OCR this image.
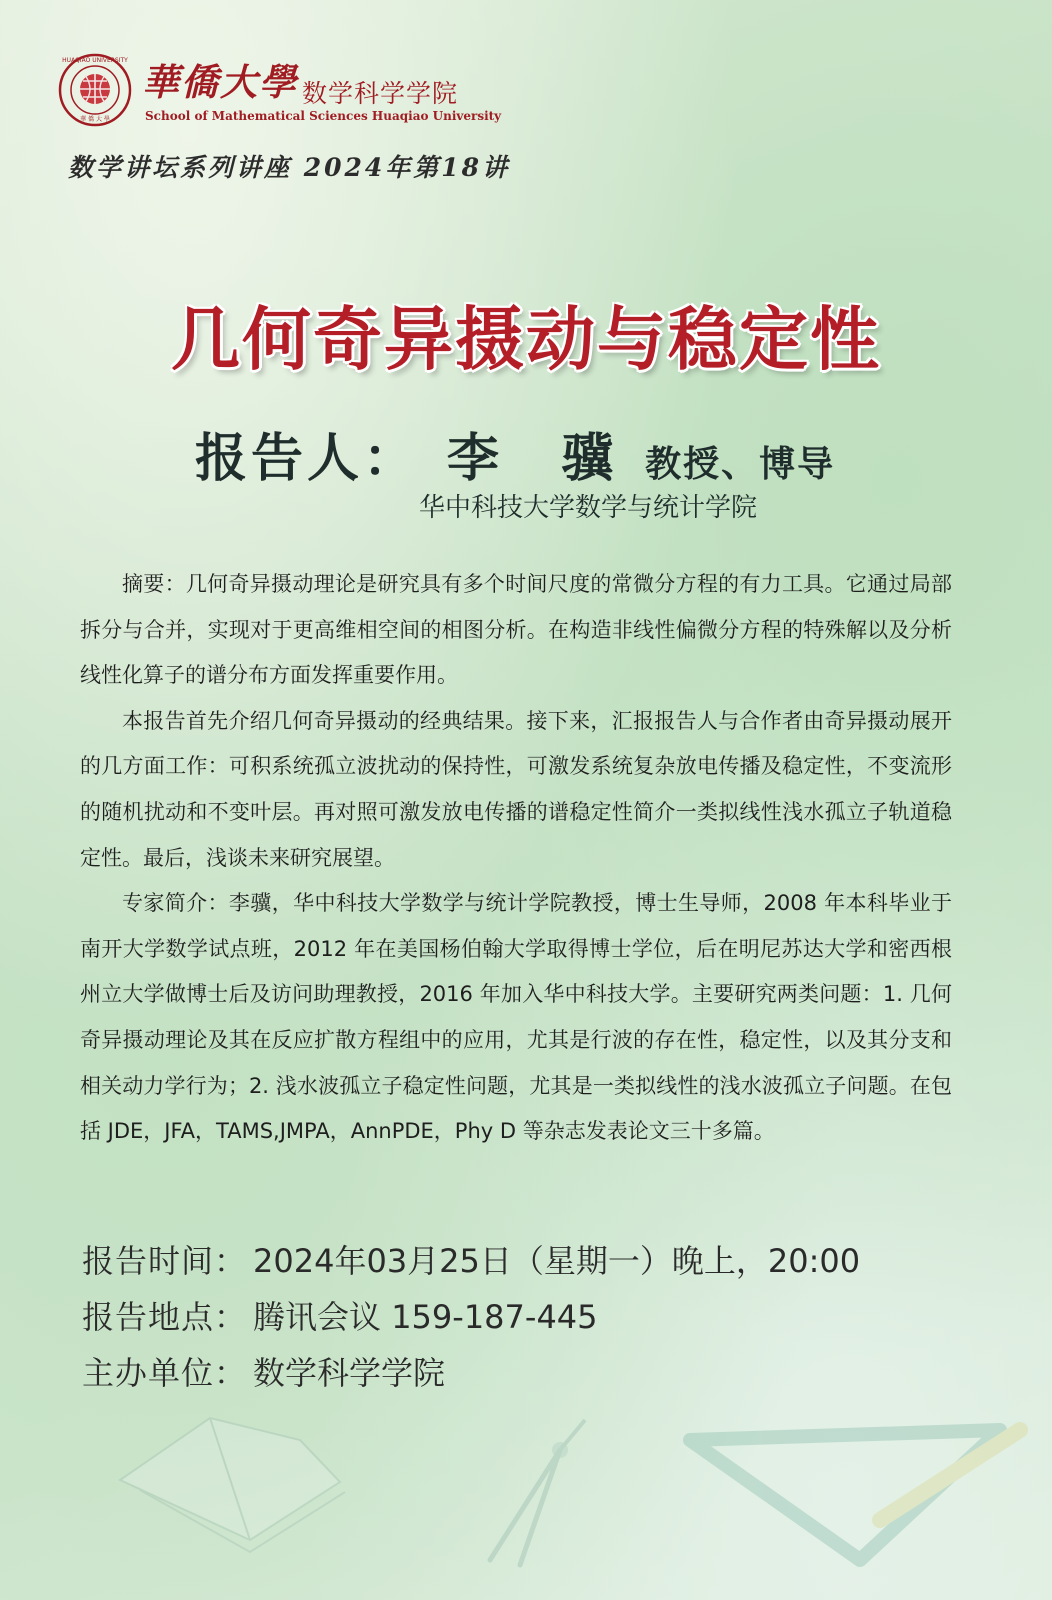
HUAQIAO UNIVERSITY
華 僑 大 學
華僑大學 数学科学学院
School of Mathematical Sciences Huaqiao University
数学讲坛系列讲座 2024年第18讲
几何奇异摄动与稳定性
报告人： 李 骥 教授、博导
华中科技大学数学与统计学院

摘要：几何奇异摄动理论是研究具有多个时间尺度的常微分方程的有力工具。它通过局部拆分与合并，实现对于更高维相空间的相图分析。在构造非线性偏微分方程的特殊解以及分析线性化算子的谱分布方面发挥重要作用。

本报告首先介绍几何奇异摄动的经典结果。接下来，汇报报告人与合作者由奇异摄动展开的几方面工作：可积系统孤立波扰动的保持性，可激发系统复杂放电传播及稳定性，不变流形的随机扰动和不变叶层。再对照可激发放电传播的谱稳定性简介一类拟线性浅水孤立子轨道稳定性。最后，浅谈未来研究展望。

专家简介：李骥，华中科技大学数学与统计学院教授，博士生导师，2008 年本科毕业于南开大学数学试点班，2012 年在美国杨伯翰大学取得博士学位，后在明尼苏达大学和密西根州立大学做博士后及访问助理教授，2016 年加入华中科技大学。主要研究两类问题：1. 几何奇异摄动理论及其在反应扩散方程组中的应用，尤其是行波的存在性，稳定性，以及其分支和相关动力学行为；2. 浅水波孤立子稳定性问题，尤其是一类拟线性的浅水波孤立子问题。在包括 JDE，JFA，TAMS,JMPA，AnnPDE，Phy D 等杂志发表论文三十多篇。

报告时间： 2024年03月25日（星期一）晚上，20:00
报告地点： 腾讯会议 159-187-445
主办单位： 数学科学学院
